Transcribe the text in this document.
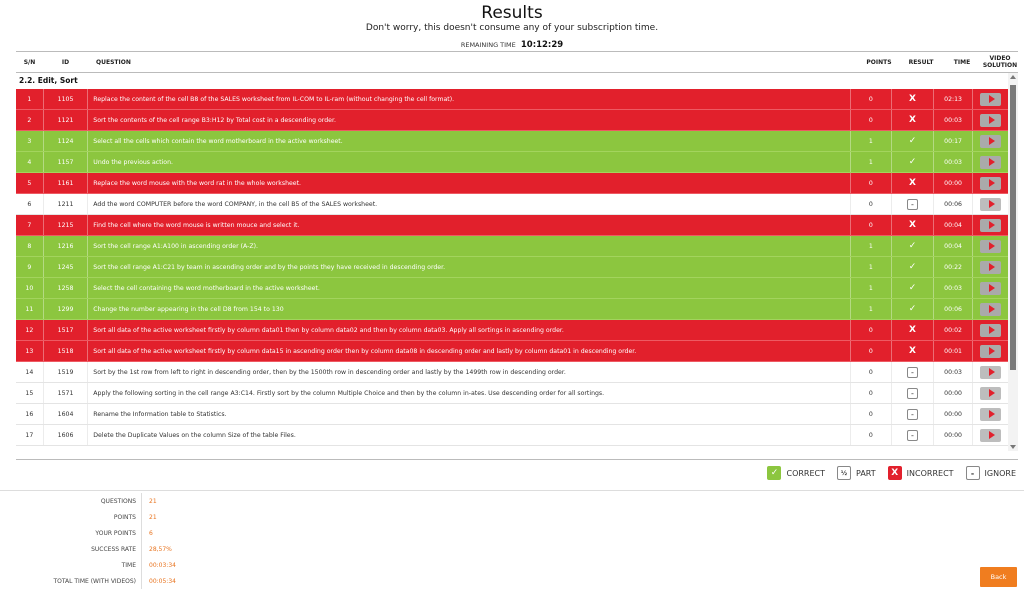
Results
Don't worry, this doesn't consume any of your subscription time.
REMAINING TIME 10:12:29
S/N	ID	QUESTION	POINTS	RESULT	TIME	VIDEO
SOLUTION
2.2. Edit, Sort
1	1105	Replace the content of the cell B8 of the SALES worksheet from IL-COM to IL-ram (without changing the cell format).	0	X	02:13
2	1121	Sort the contents of the cell range B3:H12 by Total cost in a descending order.	0	X	00:03
3	1124	Select all the cells which contain the word motherboard in the active worksheet.	1	✓	00:17
4	1157	Undo the previous action.	1	✓	00:03
5	1161	Replace the word mouse with the word rat in the whole worksheet.	0	X	00:00
6	1211	Add the word COMPUTER before the word COMPANY, in the cell B5 of the SALES worksheet.	0	-	00:06
7	1215	Find the cell where the word mouse is written mouce and select it.	0	X	00:04
8	1216	Sort the cell range A1:A100 in ascending order (A-Z).	1	✓	00:04
9	1245	Sort the cell range A1:C21 by team in ascending order and by the points they have received in descending order.	1	✓	00:22
10	1258	Select the cell containing the word motherboard in the active worksheet.	1	✓	00:03
11	1299	Change the number appearing in the cell D8 from 154 to 130	1	✓	00:06
12	1517	Sort all data of the active worksheet firstly by column data01 then by column data02 and then by column data03. Apply all sortings in ascending order.	0	X	00:02
13	1518	Sort all data of the active worksheet firstly by column data15 in ascending order then by column data08 in descending order and lastly by column data01 in descending order.	0	X	00:01
14	1519	Sort by the 1st row from left to right in descending order, then by the 1500th row in descending order and lastly by the 1499th row in descending order.	0	-	00:03
15	1571	Apply the following sorting in the cell range A3:C14. Firstly sort by the column Multiple Choice and then by the column in-ates. Use descending order for all sortings.	0	-	00:00
16	1604	Rename the Information table to Statistics.	0	-	00:00
17	1606	Delete the Duplicate Values on the column Size of the table Files.	0	-	00:00
✓	CORRECT	½	PART	X	INCORRECT	-	IGNORE
QUESTIONS	21
POINTS	21
YOUR POINTS	6
SUCCESS RATE	28,57%
TIME	00:03:34
TOTAL TIME (WITH VIDEOS)	00:05:34	Back
